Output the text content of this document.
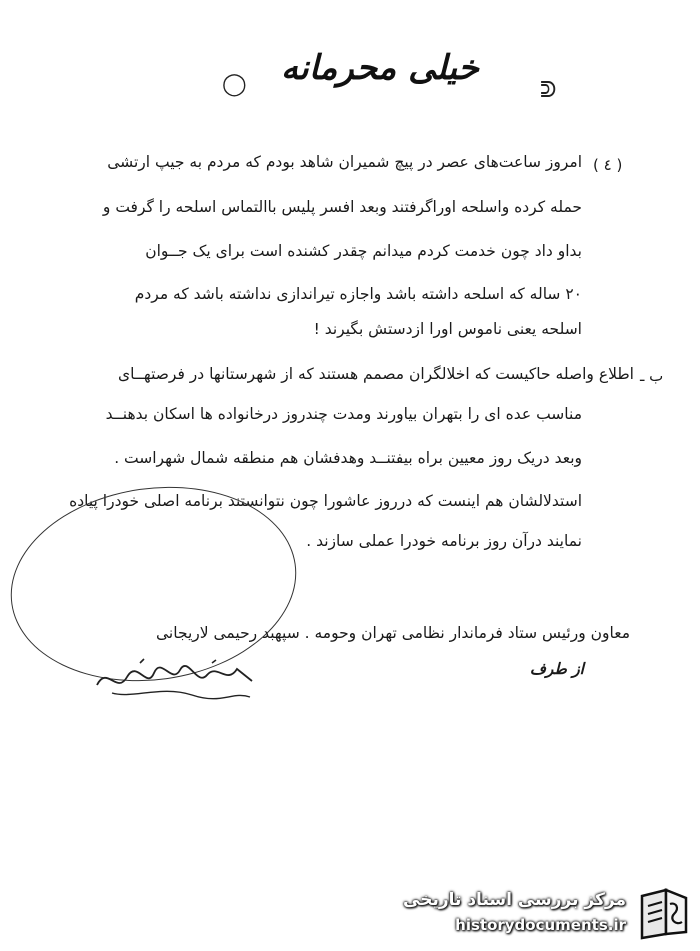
◯	ᕲ
خیلی محرمانه
( ٤ )
امروز ساعت‌های عصر در پیچ شمیران شاهد بودم که مردم به جیپ ارتشی
حمله کرده واسلحه اوراگرفتند وبعد افسر پلیس باالتماس اسلحه را گرفت و
بداو داد چون خدمت کردم میدانم چقدر کشنده است برای یک جــوان
۲۰ ساله که اسلحه داشته باشد واجازه تیراندازی نداشته باشد که مردم
اسلحه یعنی ناموس اورا ازدستش بگیرند !
ب ـ
اطلاع واصله حاکیست که اخلالگران مصمم هستند که از شهرستانها در فرصتهــای
مناسب عده ای را بتهران بیاورند ومدت چندروز درخانواده ها اسکان بدهنــد
وبعد دریک روز معیین براه بیفتنــد وهدفشان هم منطقه شمال شهراست .
استدلالشان هم اینست که درروز عاشورا چون نتوانستند برنامه اصلی خودرا پیاده
نمایند درآن روز برنامه خودرا عملی سازند .
معاون ورئیس ستاد فرماندار نظامی تهران وحومه . سپهبد رحیمی لاریجانی
از طرف
مرکز بررسی اسناد تاریخی
historydocuments.ir
